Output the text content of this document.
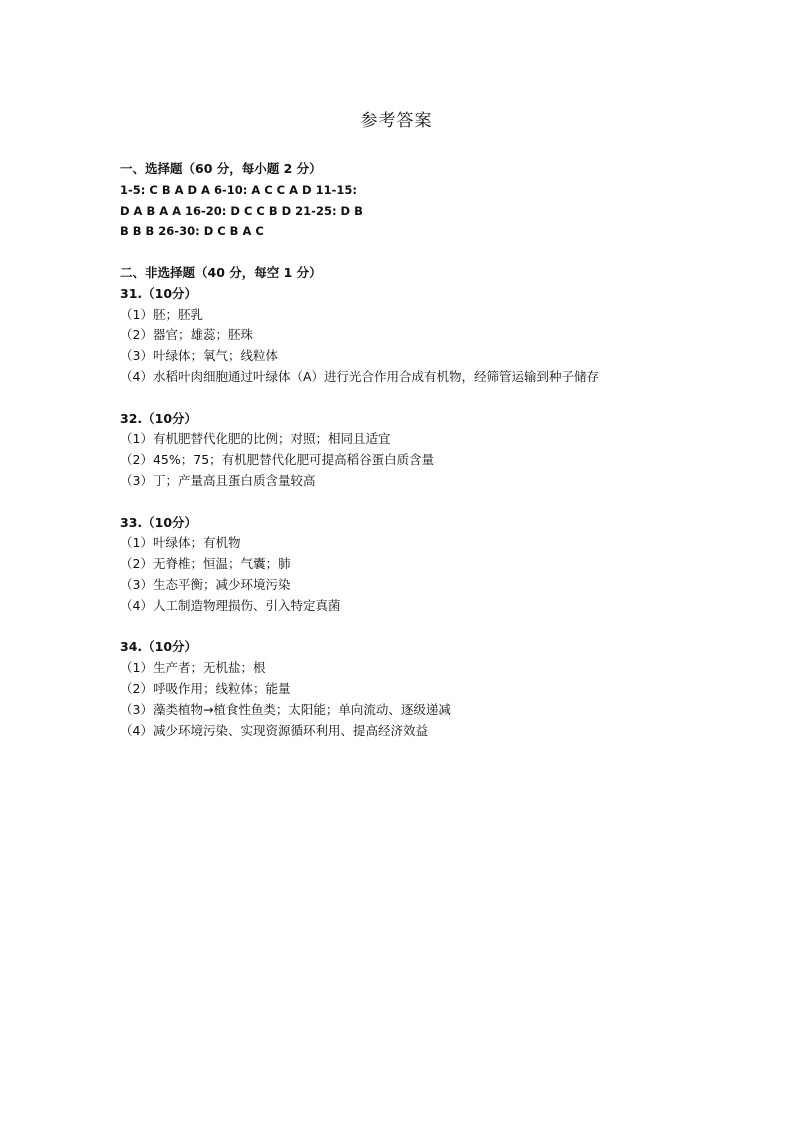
参考答案
一、选择题（60 分，每小题 2 分）
1-5: C B A D A 6-10: A C C A D 11-15:
D A B A A 16-20: D C C B D 21-25: D B
B B B 26-30: D C B A C
二、非选择题（40 分，每空 1 分）
31.（10分）
（1）胚；胚乳
（2）器官；雄蕊；胚珠
（3）叶绿体；氧气；线粒体
（4）水稻叶肉细胞通过叶绿体（A）进行光合作用合成有机物，经筛管运输到种子储存
32.（10分）
（1）有机肥替代化肥的比例；对照；相同且适宜
（2）45%；75；有机肥替代化肥可提高稻谷蛋白质含量
（3）丁；产量高且蛋白质含量较高
33.（10分）
（1）叶绿体；有机物
（2）无脊椎；恒温；气囊；肺
（3）生态平衡；减少环境污染
（4）人工制造物理损伤、引入特定真菌
34.（10分）
（1）生产者；无机盐；根
（2）呼吸作用；线粒体；能量
（3）藻类植物→植食性鱼类；太阳能；单向流动、逐级递减
（4）减少环境污染、实现资源循环利用、提高经济效益
